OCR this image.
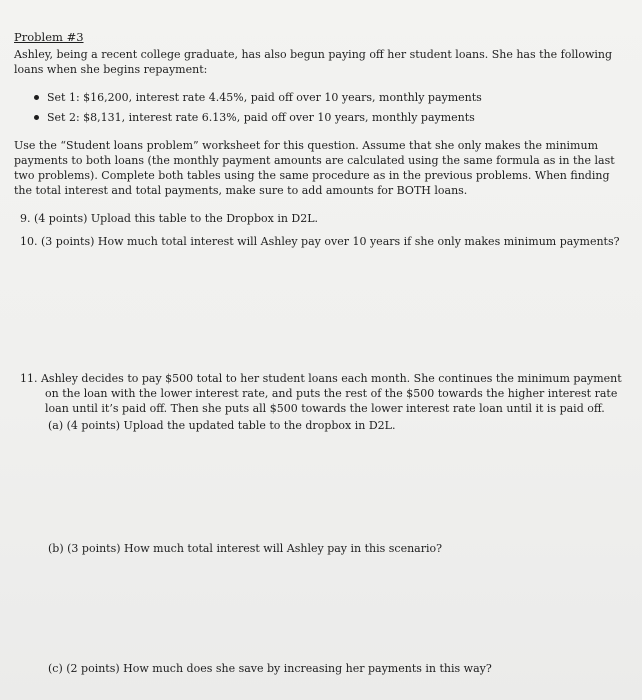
Problem #3
Ashley, being a recent college graduate, has also begun paying off her student loans. She has the following
loans when she begins repayment:
Set 1: $16,200, interest rate 4.45%, paid off over 10 years, monthly payments
Set 2: $8,131, interest rate 6.13%, paid off over 10 years, monthly payments
Use the “Student loans problem” worksheet for this question. Assume that she only makes the minimum
payments to both loans (the monthly payment amounts are calculated using the same formula as in the last
two problems). Complete both tables using the same procedure as in the previous problems. When finding
the total interest and total payments, make sure to add amounts for BOTH loans.
9. (4 points) Upload this table to the Dropbox in D2L.
10. (3 points) How much total interest will Ashley pay over 10 years if she only makes minimum payments?
11. Ashley decides to pay $500 total to her student loans each month. She continues the minimum payment
on the loan with the lower interest rate, and puts the rest of the $500 towards the higher interest rate
loan until it’s paid off. Then she puts all $500 towards the lower interest rate loan until it is paid off.
(a) (4 points) Upload the updated table to the dropbox in D2L.
(b) (3 points) How much total interest will Ashley pay in this scenario?
(c) (2 points) How much does she save by increasing her payments in this way?
